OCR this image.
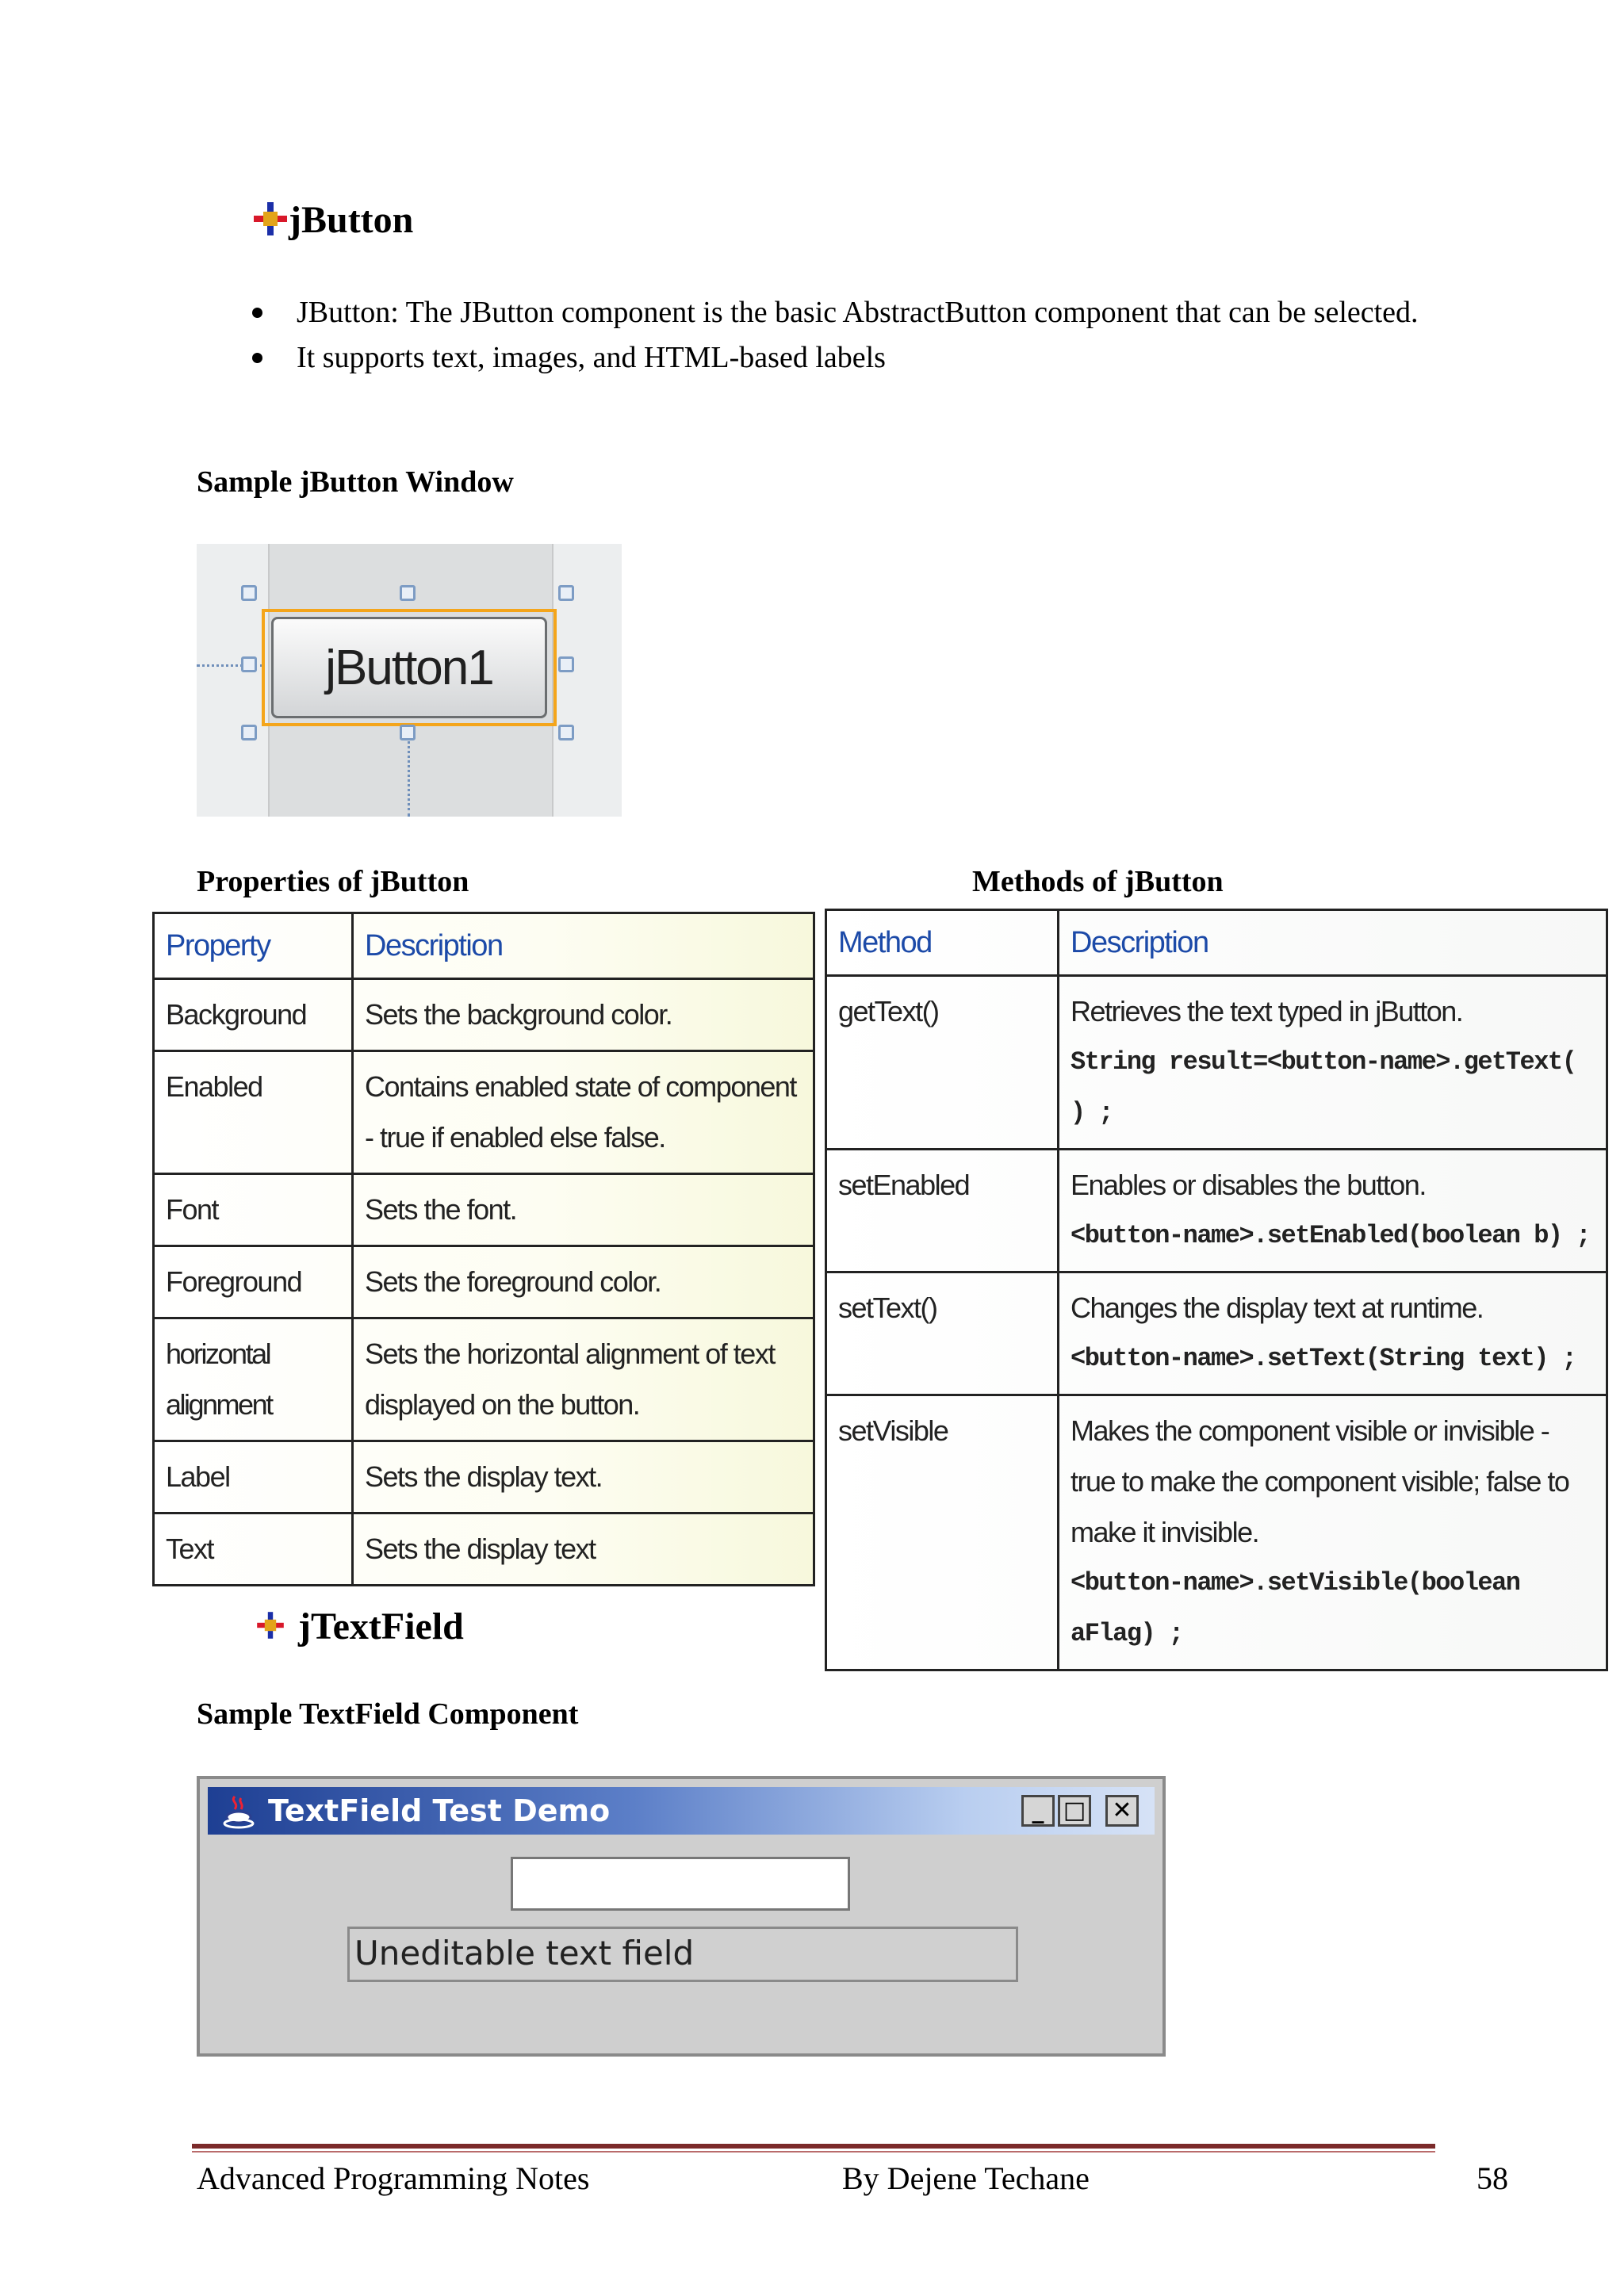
jButton
JButton: The JButton component is the basic AbstractButton component that can be selected.
It supports text, images, and HTML-based labels
Sample jButton Window
jButton1
Properties of jButton	Methods of jButton
Property	Description
Background	Sets the background color.
Enabled	Contains enabled state of component - true if enabled else false.
Font	Sets the font.
Foreground	Sets the foreground color.
horizontal alignment	Sets the horizontal alignment of text displayed on the button.
Label	Sets the display text.
Text	Sets the display text
Method	Description
getText()	Retrieves the text typed in jButton.
String result=<button-name>.getText( ) ;

setEnabled	Enables or disables the button.
<button-name>.setEnabled(boolean b) ;

setText()	Changes the display text at runtime.
<button-name>.setText(String text) ;

setVisible	Makes the component visible or invisible - true to make the component visible; false to make it invisible.
<button-name>.setVisible(boolean aFlag) ;
jTextField
Sample TextField Component
TextField Test Demo	_ □ ✕
Uneditable text field
Advanced Programming Notes	By Dejene Techane	58
